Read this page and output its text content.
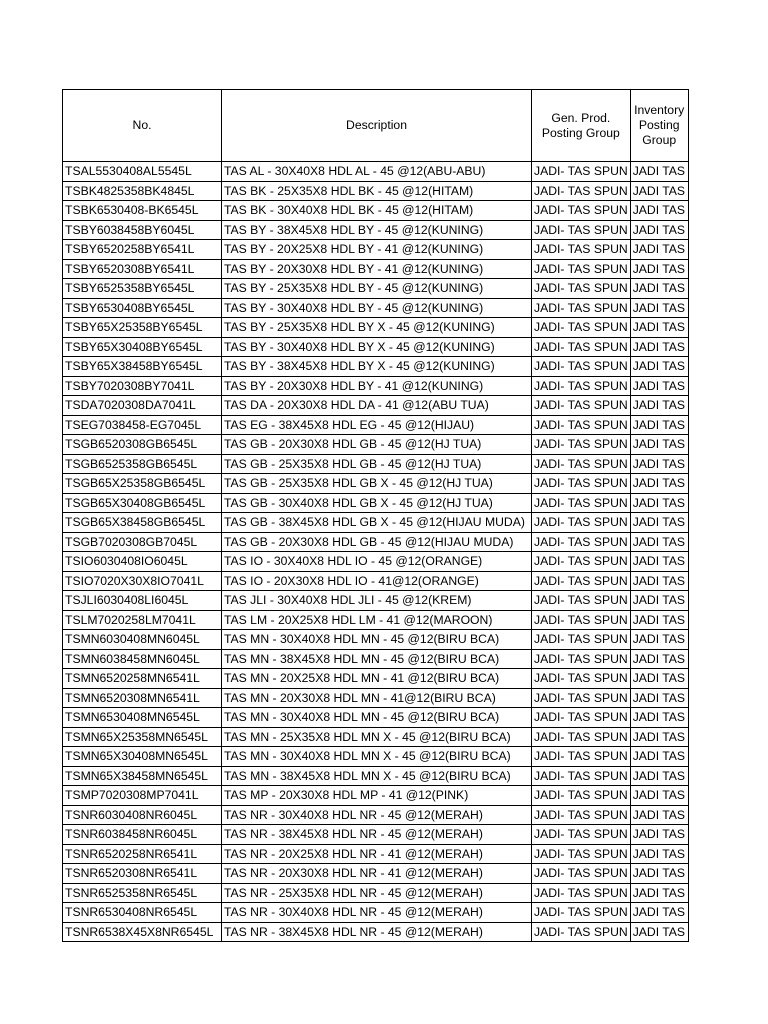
No.	Description	Gen. Prod. Posting Group	Inventory Posting Group
TSAL5530408AL5545L	TAS AL - 30X40X8 HDL AL - 45 @12(ABU-ABU)	JADI- TAS SPUN	JADI TAS
TSBK4825358BK4845L	TAS BK - 25X35X8 HDL BK - 45 @12(HITAM)	JADI- TAS SPUN	JADI TAS
TSBK6530408-BK6545L	TAS BK - 30X40X8 HDL BK - 45 @12(HITAM)	JADI- TAS SPUN	JADI TAS
TSBY6038458BY6045L	TAS BY - 38X45X8 HDL BY - 45 @12(KUNING)	JADI- TAS SPUN	JADI TAS
TSBY6520258BY6541L	TAS BY - 20X25X8 HDL BY - 41 @12(KUNING)	JADI- TAS SPUN	JADI TAS
TSBY6520308BY6541L	TAS BY - 20X30X8 HDL BY - 41 @12(KUNING)	JADI- TAS SPUN	JADI TAS
TSBY6525358BY6545L	TAS BY - 25X35X8 HDL BY - 45 @12(KUNING)	JADI- TAS SPUN	JADI TAS
TSBY6530408BY6545L	TAS BY - 30X40X8 HDL BY - 45 @12(KUNING)	JADI- TAS SPUN	JADI TAS
TSBY65X25358BY6545L	TAS BY - 25X35X8 HDL BY X - 45 @12(KUNING)	JADI- TAS SPUN	JADI TAS
TSBY65X30408BY6545L	TAS BY - 30X40X8 HDL BY X - 45 @12(KUNING)	JADI- TAS SPUN	JADI TAS
TSBY65X38458BY6545L	TAS BY - 38X45X8 HDL BY X - 45 @12(KUNING)	JADI- TAS SPUN	JADI TAS
TSBY7020308BY7041L	TAS BY - 20X30X8 HDL BY - 41 @12(KUNING)	JADI- TAS SPUN	JADI TAS
TSDA7020308DA7041L	TAS DA - 20X30X8 HDL DA - 41 @12(ABU TUA)	JADI- TAS SPUN	JADI TAS
TSEG7038458-EG7045L	TAS EG - 38X45X8 HDL EG - 45 @12(HIJAU)	JADI- TAS SPUN	JADI TAS
TSGB6520308GB6545L	TAS GB - 20X30X8 HDL GB - 45 @12(HJ TUA)	JADI- TAS SPUN	JADI TAS
TSGB6525358GB6545L	TAS GB - 25X35X8 HDL GB - 45 @12(HJ TUA)	JADI- TAS SPUN	JADI TAS
TSGB65X25358GB6545L	TAS GB - 25X35X8 HDL GB X - 45 @12(HJ TUA)	JADI- TAS SPUN	JADI TAS
TSGB65X30408GB6545L	TAS GB - 30X40X8 HDL GB X - 45 @12(HJ TUA)	JADI- TAS SPUN	JADI TAS
TSGB65X38458GB6545L	TAS GB - 38X45X8 HDL GB X - 45 @12(HIJAU MUDA)	JADI- TAS SPUN	JADI TAS
TSGB7020308GB7045L	TAS GB - 20X30X8 HDL GB - 45 @12(HIJAU MUDA)	JADI- TAS SPUN	JADI TAS
TSIO6030408IO6045L	TAS IO - 30X40X8 HDL IO - 45 @12(ORANGE)	JADI- TAS SPUN	JADI TAS
TSIO7020X30X8IO7041L	TAS IO - 20X30X8 HDL IO - 41@12(ORANGE)	JADI- TAS SPUN	JADI TAS
TSJLI6030408LI6045L	TAS JLI - 30X40X8 HDL JLI - 45 @12(KREM)	JADI- TAS SPUN	JADI TAS
TSLM7020258LM7041L	TAS LM - 20X25X8 HDL LM - 41 @12(MAROON)	JADI- TAS SPUN	JADI TAS
TSMN6030408MN6045L	TAS MN - 30X40X8 HDL MN - 45 @12(BIRU BCA)	JADI- TAS SPUN	JADI TAS
TSMN6038458MN6045L	TAS MN - 38X45X8 HDL MN - 45 @12(BIRU BCA)	JADI- TAS SPUN	JADI TAS
TSMN6520258MN6541L	TAS MN - 20X25X8 HDL MN - 41 @12(BIRU BCA)	JADI- TAS SPUN	JADI TAS
TSMN6520308MN6541L	TAS MN - 20X30X8 HDL MN - 41@12(BIRU BCA)	JADI- TAS SPUN	JADI TAS
TSMN6530408MN6545L	TAS MN - 30X40X8 HDL MN - 45 @12(BIRU BCA)	JADI- TAS SPUN	JADI TAS
TSMN65X25358MN6545L	TAS MN - 25X35X8 HDL MN X - 45 @12(BIRU BCA)	JADI- TAS SPUN	JADI TAS
TSMN65X30408MN6545L	TAS MN - 30X40X8 HDL MN X - 45 @12(BIRU BCA)	JADI- TAS SPUN	JADI TAS
TSMN65X38458MN6545L	TAS MN - 38X45X8 HDL MN X - 45 @12(BIRU BCA)	JADI- TAS SPUN	JADI TAS
TSMP7020308MP7041L	TAS MP - 20X30X8 HDL MP - 41 @12(PINK)	JADI- TAS SPUN	JADI TAS
TSNR6030408NR6045L	TAS NR - 30X40X8 HDL NR - 45 @12(MERAH)	JADI- TAS SPUN	JADI TAS
TSNR6038458NR6045L	TAS NR - 38X45X8 HDL NR - 45 @12(MERAH)	JADI- TAS SPUN	JADI TAS
TSNR6520258NR6541L	TAS NR - 20X25X8 HDL NR - 41 @12(MERAH)	JADI- TAS SPUN	JADI TAS
TSNR6520308NR6541L	TAS NR - 20X30X8 HDL NR - 41 @12(MERAH)	JADI- TAS SPUN	JADI TAS
TSNR6525358NR6545L	TAS NR - 25X35X8 HDL NR - 45 @12(MERAH)	JADI- TAS SPUN	JADI TAS
TSNR6530408NR6545L	TAS NR - 30X40X8 HDL NR - 45 @12(MERAH)	JADI- TAS SPUN	JADI TAS
TSNR6538X45X8NR6545L	TAS NR - 38X45X8 HDL NR - 45 @12(MERAH)	JADI- TAS SPUN	JADI TAS
